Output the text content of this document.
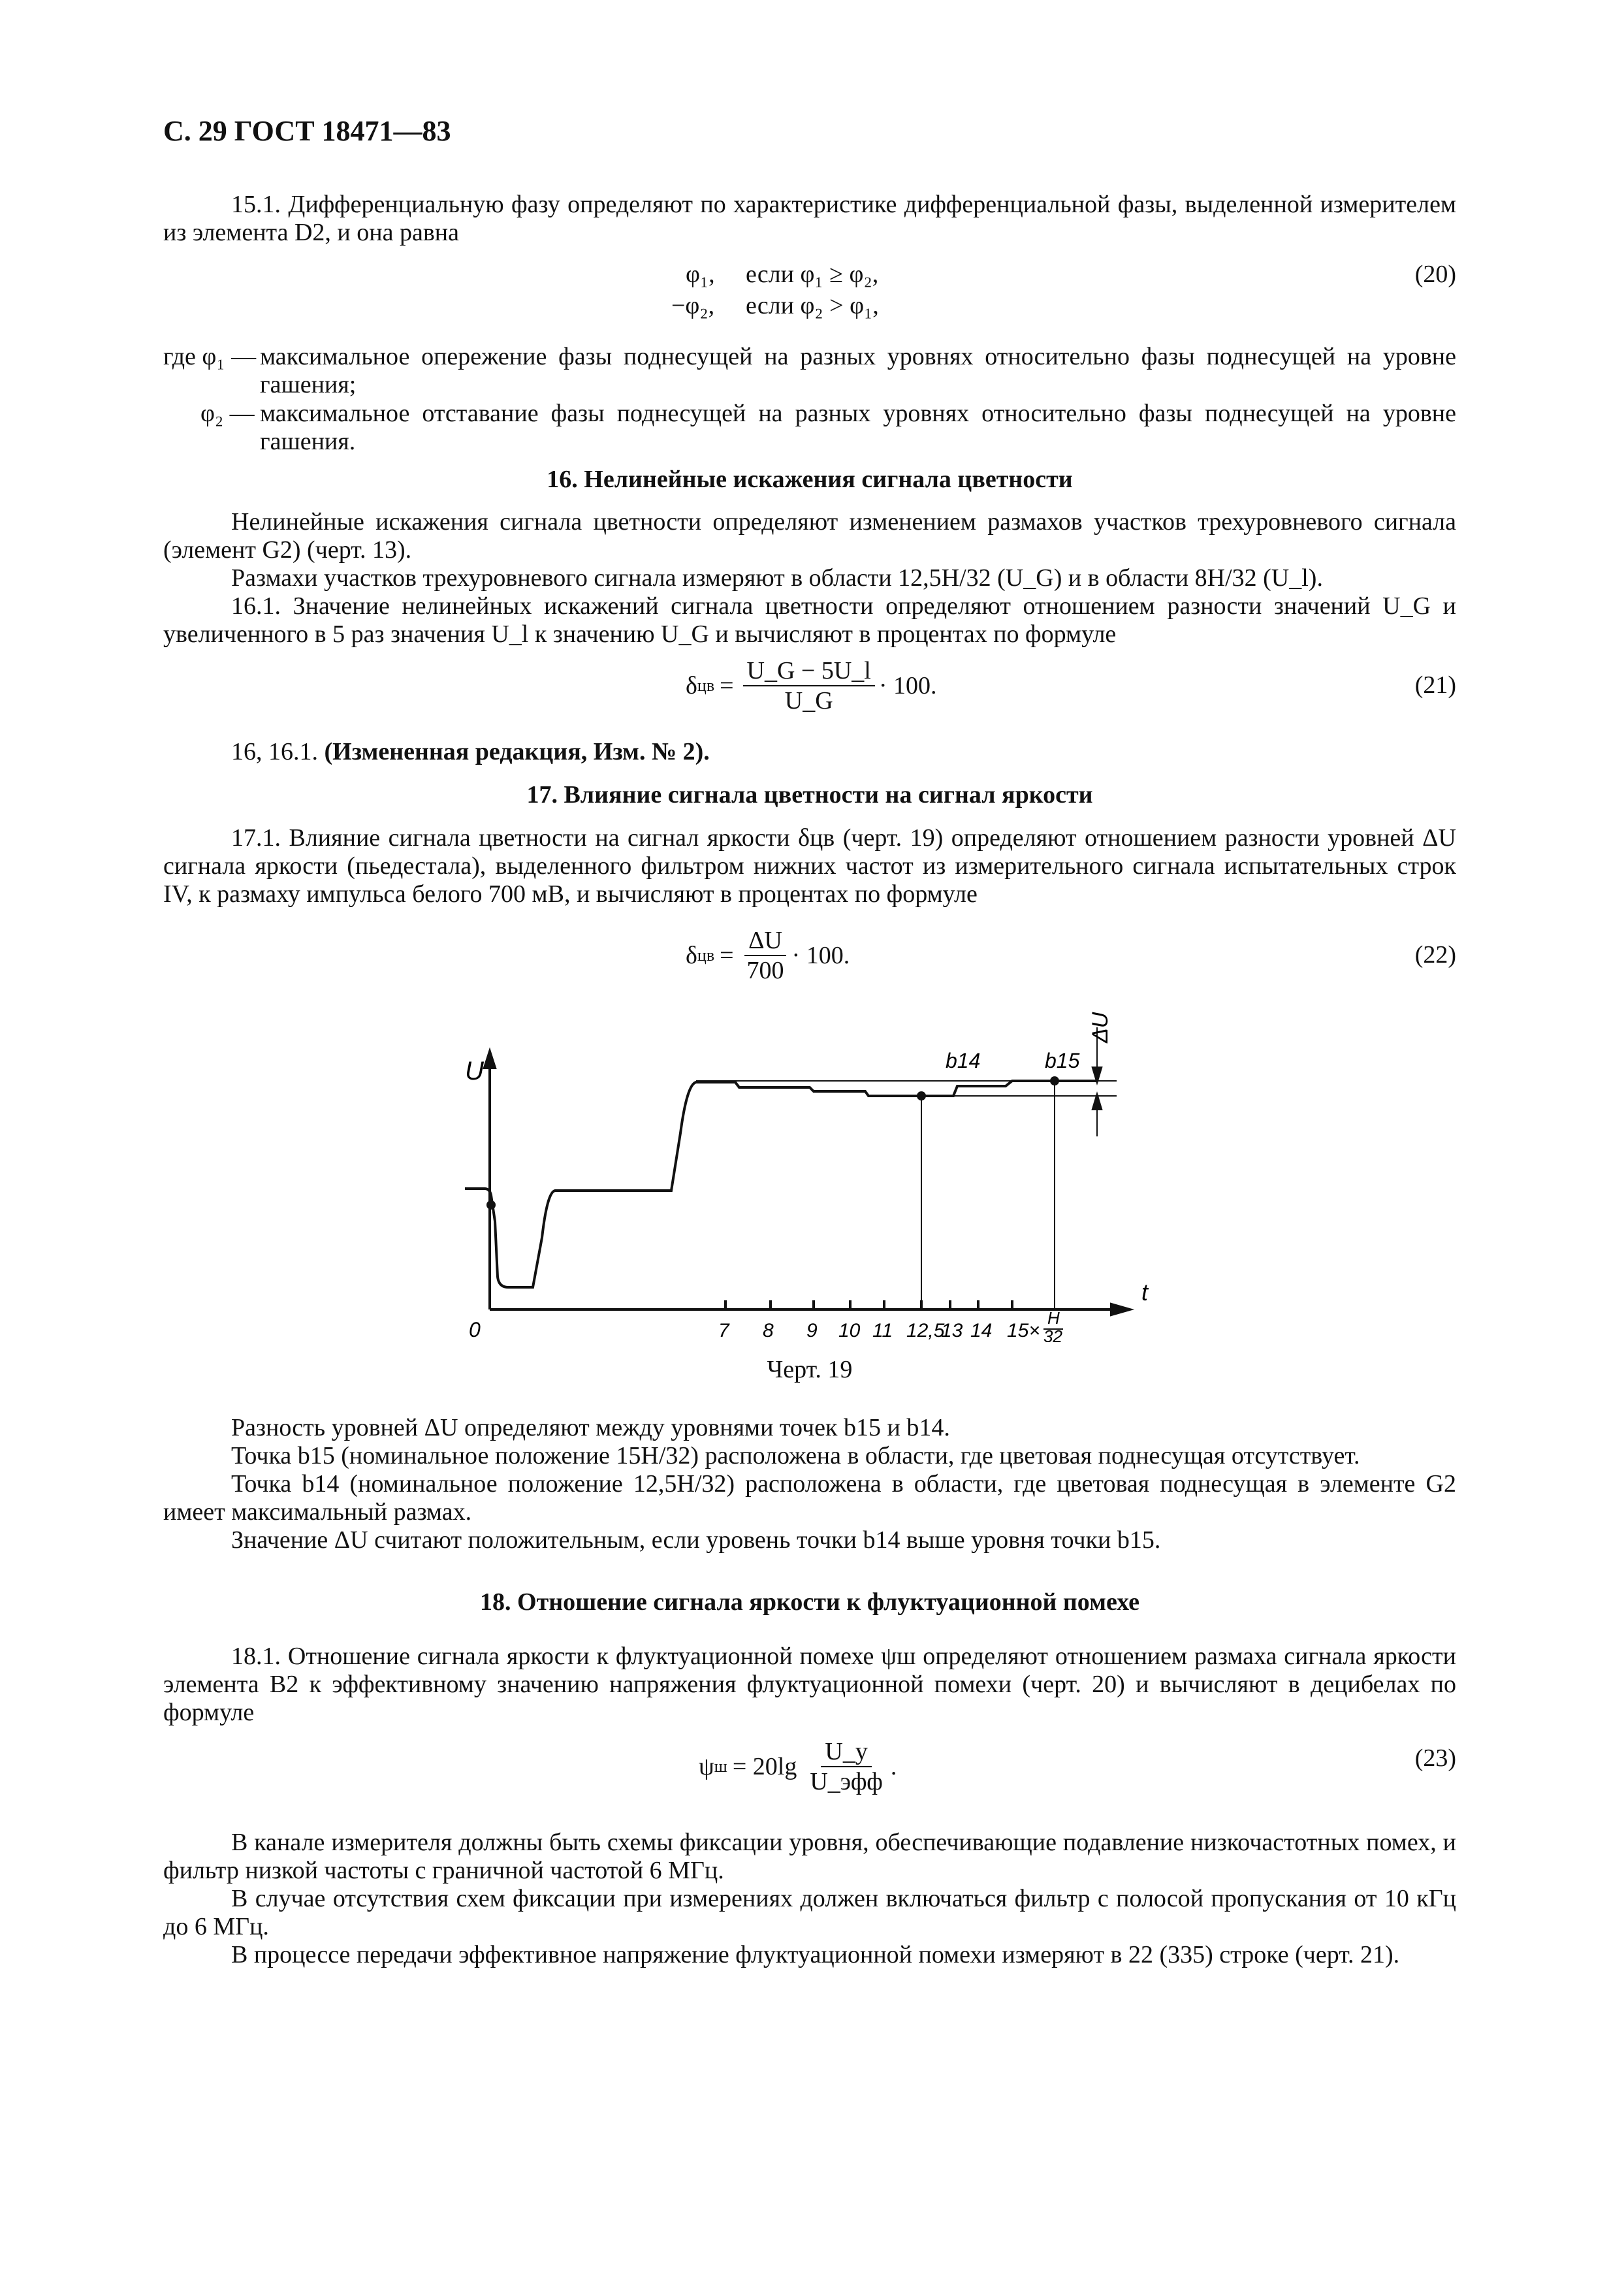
С. 29 ГОСТ 18471—83

15.1. Дифференциальную фазу определяют по характеристике дифференциальной фазы, выделенной измерителем из элемента D2, и она равна

φ₁, если φ₁ ≥ φ₂,
−φ₂, если φ₂ > φ₁,
(20)
где φ₁ — максимальное опережение фазы поднесущей на разных уровнях относительно фазы поднесущей на уровне гашения;
φ₂ — максимальное отставание фазы поднесущей на разных уровнях относительно фазы поднесущей на уровне гашения.
16. Нелинейные искажения сигнала цветности

Нелинейные искажения сигнала цветности определяют изменением размахов участков трехуровневого сигнала (элемент G2) (черт. 13).

Размахи участков трехуровневого сигнала измеряют в области 12,5H/32 (U_G) и в области 8H/32 (U_l).

16.1. Значение нелинейных искажений сигнала цветности определяют отношением разности значений U_G и увеличенного в 5 раз значения U_l к значению U_G и вычисляют в процентах по формуле

δ цв = $\frac{U\_G - 5U\_l}{U\_G} \cdot 100$.	(21)

16, 16.1. (Измененная редакция, Изм. № 2).

17. Влияние сигнала цветности на сигнал яркости

17.1. Влияние сигнала цветности на сигнал яркости δцв (черт. 19) определяют отношением разности уровней ΔU сигнала яркости (пьедестала), выделенного фильтром нижних частот из измерительного сигнала испытательных строк IV, к размаху импульса белого 700 мВ, и вычисляют в процентах по формуле

δ цв = $\frac{\Delta U}{700} \cdot 100$.	(22)
U
0
t
ΔU
b14	b15
7 8 9 10 11 12,5
13 14 15×
H
32
Черт. 19

Разность уровней ΔU определяют между уровнями точек b15 и b14.

Точка b15 (номинальное положение 15H/32) расположена в области, где цветовая поднесущая отсутствует.

Точка b14 (номинальное положение 12,5H/32) расположена в области, где цветовая поднесущая в элементе G2 имеет максимальный размах.

Значение ΔU считают положительным, если уровень точки b14 выше уровня точки b15.

18. Отношение сигнала яркости к флуктуационной помехе

18.1. Отношение сигнала яркости к флуктуационной помехе ψш определяют отношением размаха сигнала яркости элемента B2 к эффективному значению напряжения флуктуационной помехи (черт. 20) и вычисляют в децибелах по формуле

ψ $ш = 20\lg \frac{U\_у}{\text{U\_эфф}}$ .	(23)

В канале измерителя должны быть схемы фиксации уровня, обеспечивающие подавление низкочастотных помех, и фильтр низкой частоты с граничной частотой 6 МГц.

В случае отсутствия схем фиксации при измерениях должен включаться фильтр с полосой пропускания от 10 кГц до 6 МГц.

В процессе передачи эффективное напряжение флуктуационной помехи измеряют в 22 (335) строке (черт. 21).
